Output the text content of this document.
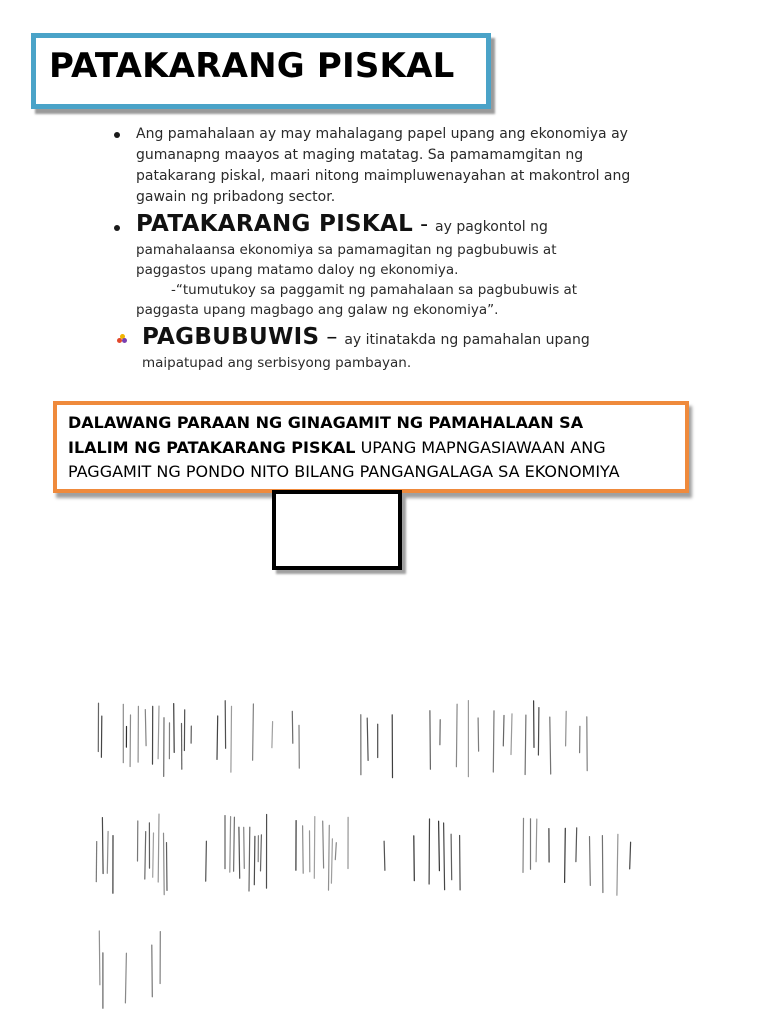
PATAKARANG PISKAL
Ang pamahalaan ay may mahalagang papel upang ang ekonomiya ay
gumanapng maayos at maging matatag. Sa pamamamgitan ng
patakarang piskal, maari nitong maimpluwenayahan at makontrol ang
gawain ng pribadong sector.
PATAKARANG PISKAL - ay pagkontol ng
pamahalaansa ekonomiya sa pamamagitan ng pagbubuwis at
paggastos upang matamo daloy ng ekonomiya.
-“tumutukoy sa paggamit ng pamahalaan sa pagbubuwis at
paggasta upang magbago ang galaw ng ekonomiya”.
PAGBUBUWIS – ay itinatakda ng pamahalan upang
maipatupad ang serbisyong pambayan.
DALAWANG PARAAN NG GINAGAMIT NG PAMAHALAAN SA
ILALIM NG PATAKARANG PISKAL UPANG MAPNGASIAWAAN ANG
PAGGAMIT NG PONDO NITO BILANG PANGANGALAGA SA EKONOMIYA
